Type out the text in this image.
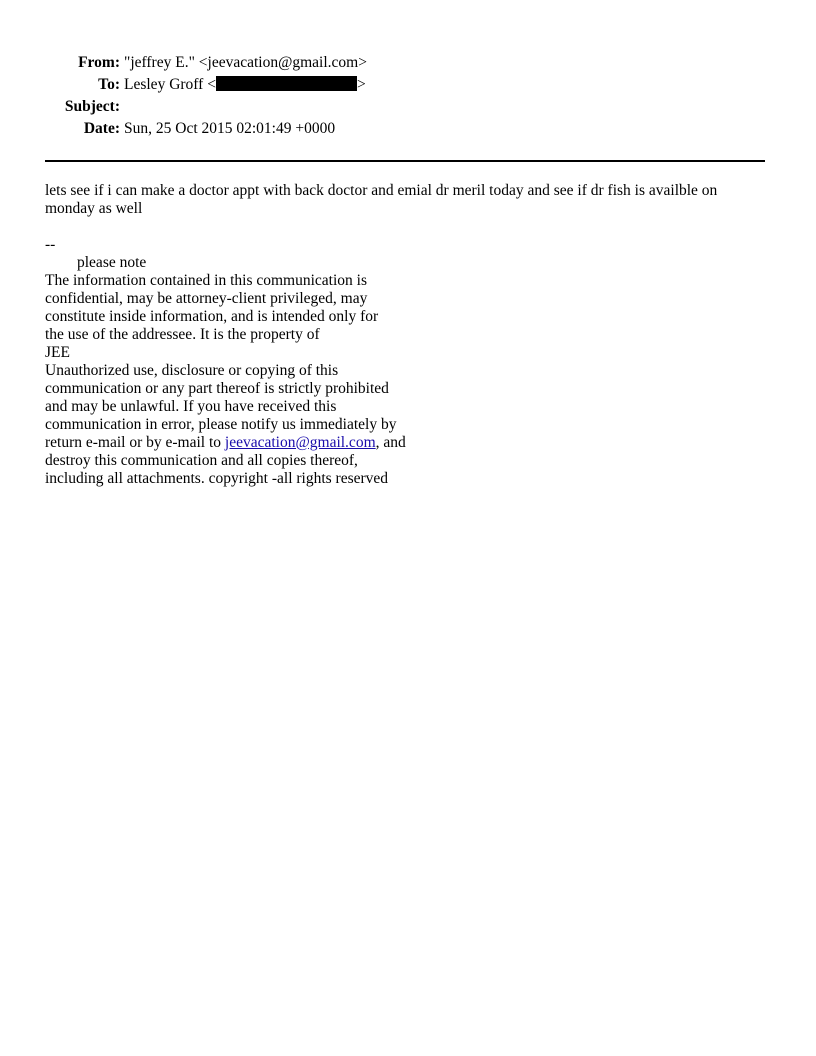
From: "jeffrey E." <jeevacation@gmail.com>
To: Lesley Groff <	>
Subject:
Date: Sun, 25 Oct 2015 02:01:49 +0000

lets see if i can make a doctor appt with back doctor and emial dr meril today and see if dr fish is availble on monday as well

--

please note

The information contained in this communication is

confidential, may be attorney-client privileged, may

constitute inside information, and is intended only for

the use of the addressee. It is the property of

JEE

Unauthorized use, disclosure or copying of this

communication or any part thereof is strictly prohibited

and may be unlawful. If you have received this

communication in error, please notify us immediately by

return e-mail or by e-mail to jeevacation@gmail.com, and

destroy this communication and all copies thereof,

including all attachments. copyright -all rights reserved
